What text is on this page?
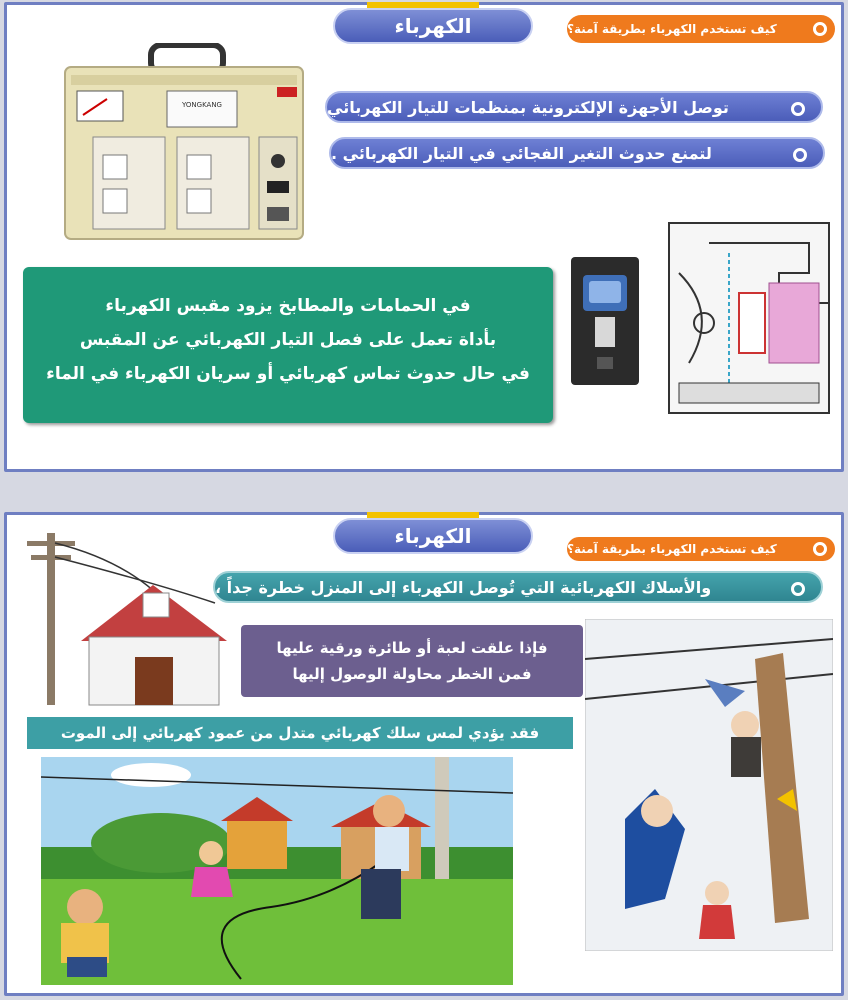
الكهرباء	كيف تستخدم الكهرباء بطريقة آمنة؟
YONGKANG	توصل الأجهزة الإلكترونية بمنظمات للتيار الكهربائي
لتمنع حدوث التغير الفجائي في التيار الكهربائي .
في الحمامات والمطابخ يزود مقبس الكهرباء
بأداة تعمل على فصل التيار الكهربائي عن المقبس
في حال حدوث تماس كهربائي أو سريان الكهرباء في الماء
الكهرباء
كيف تستخدم الكهرباء بطريقة آمنة؟
والأسلاك الكهربائية التي تُوصل الكهرباء إلى المنزل خطرة جداً ،
فإذا علقت لعبة أو طائرة ورقية عليها
فمن الخطر محاولة الوصول إليها
فقد يؤدي لمس سلك كهربائي متدل من عمود كهربائي إلى الموت
